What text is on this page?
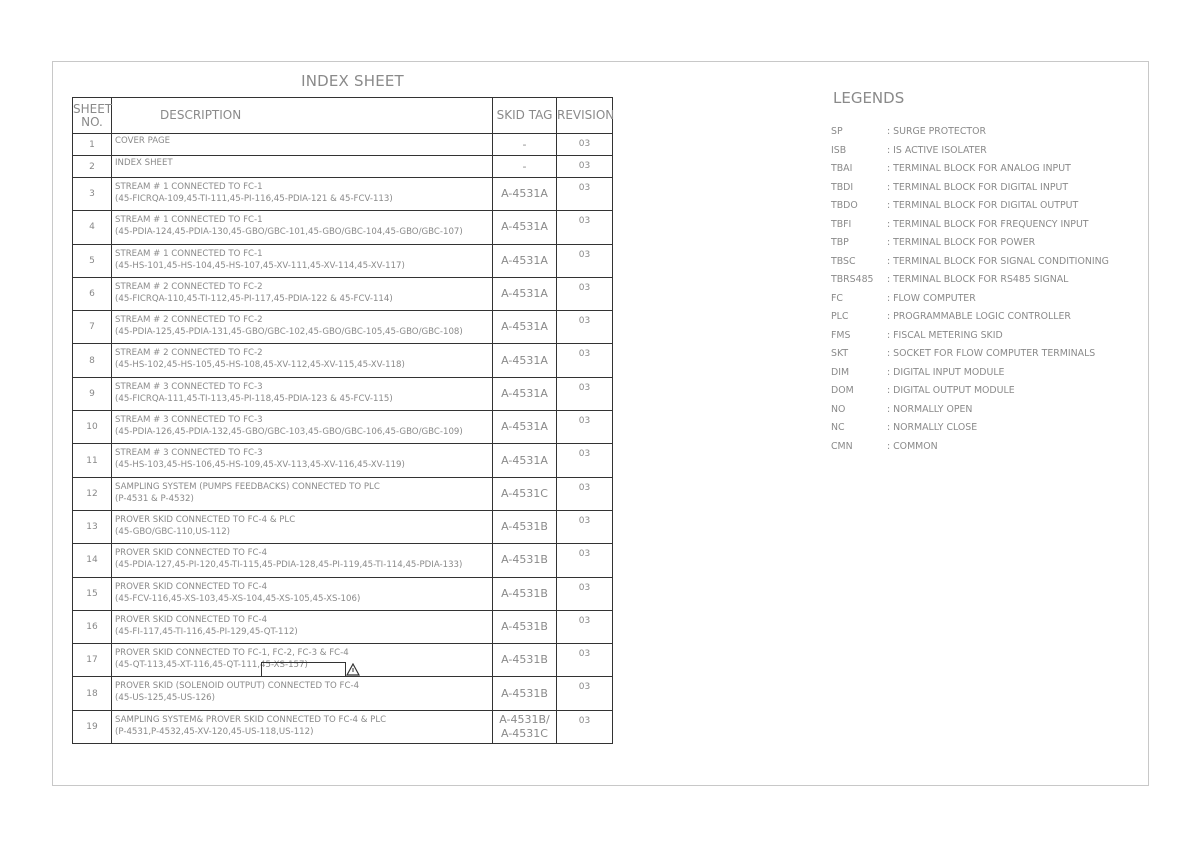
INDEX SHEET
SHEET NO.	DESCRIPTION	SKID TAG	REVISION
1	COVER PAGE	-	03
2	INDEX SHEET	-	03
3	STREAM # 1 CONNECTED TO FC-1
(45-FICRQA-109,45-TI-111,45-PI-116,45-PDIA-121 & 45-FCV-113)	A-4531A	03
4	STREAM # 1 CONNECTED TO FC-1
(45-PDIA-124,45-PDIA-130,45-GBO/GBC-101,45-GBO/GBC-104,45-GBO/GBC-107)	A-4531A	03
5	STREAM # 1 CONNECTED TO FC-1
(45-HS-101,45-HS-104,45-HS-107,45-XV-111,45-XV-114,45-XV-117)	A-4531A	03
6	STREAM # 2 CONNECTED TO FC-2
(45-FICRQA-110,45-TI-112,45-PI-117,45-PDIA-122 & 45-FCV-114)	A-4531A	03
7	STREAM # 2 CONNECTED TO FC-2
(45-PDIA-125,45-PDIA-131,45-GBO/GBC-102,45-GBO/GBC-105,45-GBO/GBC-108)	A-4531A	03
8	STREAM # 2 CONNECTED TO FC-2
(45-HS-102,45-HS-105,45-HS-108,45-XV-112,45-XV-115,45-XV-118)	A-4531A	03
9	STREAM # 3 CONNECTED TO FC-3
(45-FICRQA-111,45-TI-113,45-PI-118,45-PDIA-123 & 45-FCV-115)	A-4531A	03
10	STREAM # 3 CONNECTED TO FC-3
(45-PDIA-126,45-PDIA-132,45-GBO/GBC-103,45-GBO/GBC-106,45-GBO/GBC-109)	A-4531A	03
11	STREAM # 3 CONNECTED TO FC-3
(45-HS-103,45-HS-106,45-HS-109,45-XV-113,45-XV-116,45-XV-119)	A-4531A	03
12	SAMPLING SYSTEM (PUMPS FEEDBACKS) CONNECTED TO PLC
(P-4531 & P-4532)	A-4531C	03
13	PROVER SKID CONNECTED TO FC-4 & PLC
(45-GBO/GBC-110,US-112)	A-4531B	03
14	PROVER SKID CONNECTED TO FC-4
(45-PDIA-127,45-PI-120,45-TI-115,45-PDIA-128,45-PI-119,45-TI-114,45-PDIA-133)	A-4531B	03
15	PROVER SKID CONNECTED TO FC-4
(45-FCV-116,45-XS-103,45-XS-104,45-XS-105,45-XS-106)	A-4531B	03
16	PROVER SKID CONNECTED TO FC-4
(45-FI-117,45-TI-116,45-PI-129,45-QT-112)	A-4531B	03
17	PROVER SKID CONNECTED TO FC-1, FC-2, FC-3 & FC-4
(45-QT-113,45-XT-116,45-QT-111,45-XS-157)	A-4531B	03
18	PROVER SKID (SOLENOID OUTPUT) CONNECTED TO FC-4
(45-US-125,45-US-126)	A-4531B	03
19	SAMPLING SYSTEM& PROVER SKID CONNECTED TO FC-4 & PLC
(P-4531,P-4532,45-XV-120,45-US-118,US-112)	A-4531B/
A-4531C	03
LEGENDS
SP	: SURGE PROTECTOR
ISB	: IS ACTIVE ISOLATER
TBAI	: TERMINAL BLOCK FOR ANALOG INPUT
TBDI	: TERMINAL BLOCK FOR DIGITAL INPUT
TBDO	: TERMINAL BLOCK FOR DIGITAL OUTPUT
TBFI	: TERMINAL BLOCK FOR FREQUENCY INPUT
TBP	: TERMINAL BLOCK FOR POWER
TBSC	: TERMINAL BLOCK FOR SIGNAL CONDITIONING
TBRS485	: TERMINAL BLOCK FOR RS485 SIGNAL
FC	: FLOW COMPUTER
PLC	: PROGRAMMABLE LOGIC CONTROLLER
FMS	: FISCAL METERING SKID
SKT	: SOCKET FOR FLOW COMPUTER TERMINALS
DIM	: DIGITAL INPUT MODULE
DOM	: DIGITAL OUTPUT MODULE
NO	: NORMALLY OPEN
NC	: NORMALLY CLOSE
CMN	: COMMON
